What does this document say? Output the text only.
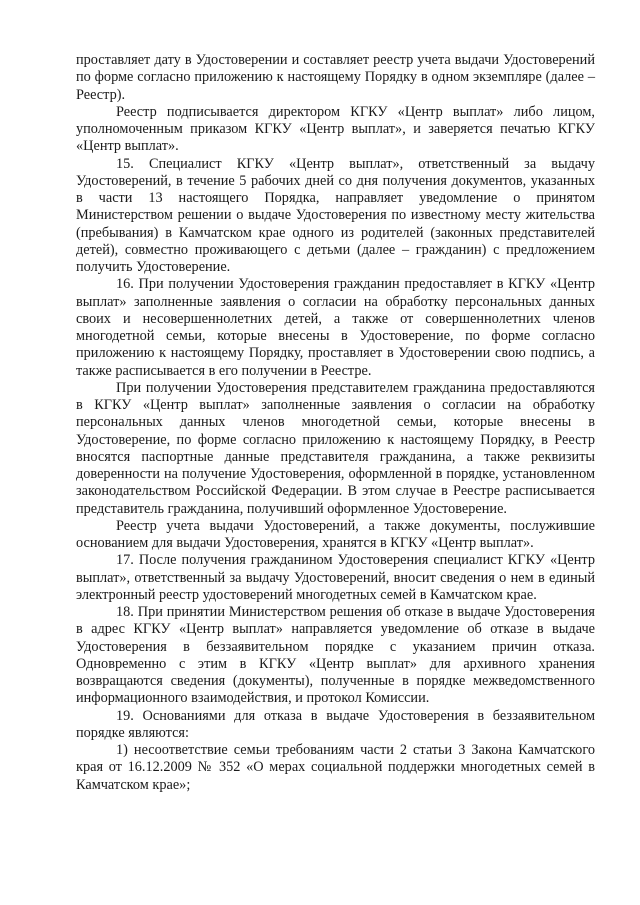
проставляет дату в Удостоверении и составляет реестр учета выдачи Удостоверений по форме согласно приложению к настоящему Порядку в одном экземпляре (далее – Реестр).

Реестр подписывается директором КГКУ «Центр выплат» либо лицом, уполномоченным приказом КГКУ «Центр выплат», и заверяется печатью КГКУ «Центр выплат».

15. Специалист КГКУ «Центр выплат», ответственный за выдачу Удостоверений, в течение 5 рабочих дней со дня получения документов, указанных в части 13 настоящего Порядка, направляет уведомление о принятом Министерством решении о выдаче Удостоверения по известному месту жительства (пребывания) в Камчатском крае одного из родителей (законных представителей детей), совместно проживающего с детьми (далее – гражданин) с предложением получить Удостоверение.

16. При получении Удостоверения гражданин предоставляет в КГКУ «Центр выплат» заполненные заявления о согласии на обработку персональных данных своих и несовершеннолетних детей, а также от совершеннолетних членов многодетной семьи, которые внесены в Удостоверение, по форме согласно приложению к настоящему Порядку, проставляет в Удостоверении свою подпись, а также расписывается в его получении в Реестре.

При получении Удостоверения представителем гражданина предоставляются в КГКУ «Центр выплат» заполненные заявления о согласии на обработку персональных данных членов многодетной семьи, которые внесены в Удостоверение, по форме согласно приложению к настоящему Порядку, в Реестр вносятся паспортные данные представителя гражданина, а также реквизиты доверенности на получение Удостоверения, оформленной в порядке, установленном законодательством Российской Федерации. В этом случае в Реестре расписывается представитель гражданина, получивший оформленное Удостоверение.

Реестр учета выдачи Удостоверений, а также документы, послужившие основанием для выдачи Удостоверения, хранятся в КГКУ «Центр выплат».

17. После получения гражданином Удостоверения специалист КГКУ «Центр выплат», ответственный за выдачу Удостоверений, вносит сведения о нем в единый электронный реестр удостоверений многодетных семей в Камчатском крае.

18. При принятии Министерством решения об отказе в выдаче Удостоверения в адрес КГКУ «Центр выплат» направляется уведомление об отказе в выдаче Удостоверения в беззаявительном порядке с указанием причин отказа. Одновременно с этим в КГКУ «Центр выплат» для архивного хранения возвращаются сведения (документы), полученные в порядке межведомственного информационного взаимодействия, и протокол Комиссии.

19. Основаниями для отказа в выдаче Удостоверения в беззаявительном порядке являются:

1) несоответствие семьи требованиям части 2 статьи 3 Закона Камчатского края от 16.12.2009 № 352 «О мерах социальной поддержки многодетных семей в Камчатском крае»;
